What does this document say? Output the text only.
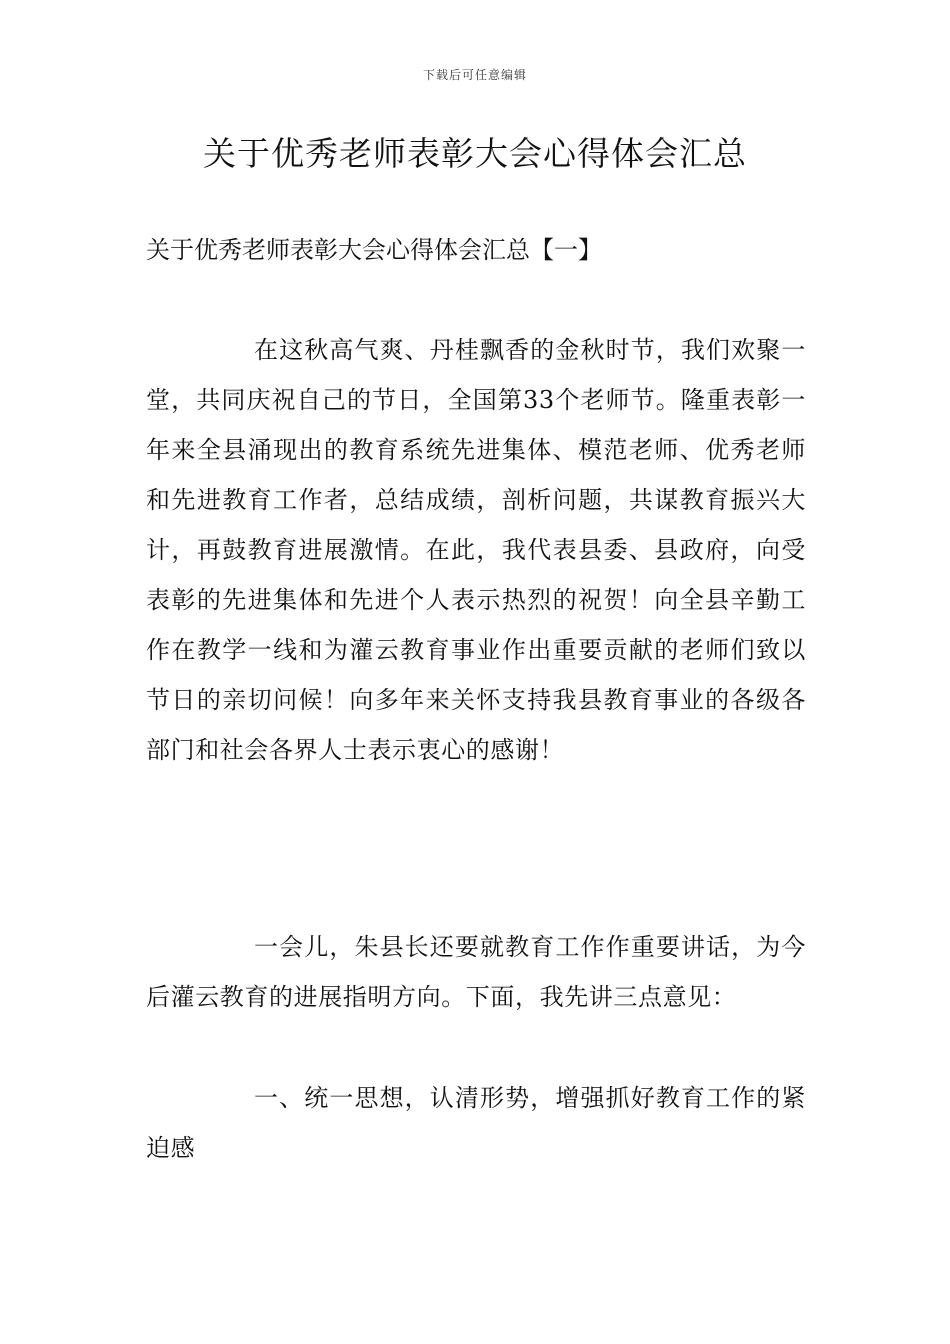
下载后可任意编辑
关于优秀老师表彰大会心得体会汇总
关于优秀老师表彰大会心得体会汇总【一】

在这秋高气爽、丹桂飘香的金秋时节，我们欢聚一堂，共同庆祝自己的节日，全国第33个老师节。隆重表彰一年来全县涌现出的教育系统先进集体、模范老师、优秀老师和先进教育工作者，总结成绩，剖析问题，共谋教育振兴大计，再鼓教育进展激情。在此，我代表县委、县政府，向受表彰的先进集体和先进个人表示热烈的祝贺！向全县辛勤工作在教学一线和为灌云教育事业作出重要贡献的老师们致以节日的亲切问候！向多年来关怀支持我县教育事业的各级各部门和社会各界人士表示衷心的感谢！

一会儿，朱县长还要就教育工作作重要讲话，为今后灌云教育的进展指明方向。下面，我先讲三点意见：

一、统一思想，认清形势，增强抓好教育工作的紧迫感
